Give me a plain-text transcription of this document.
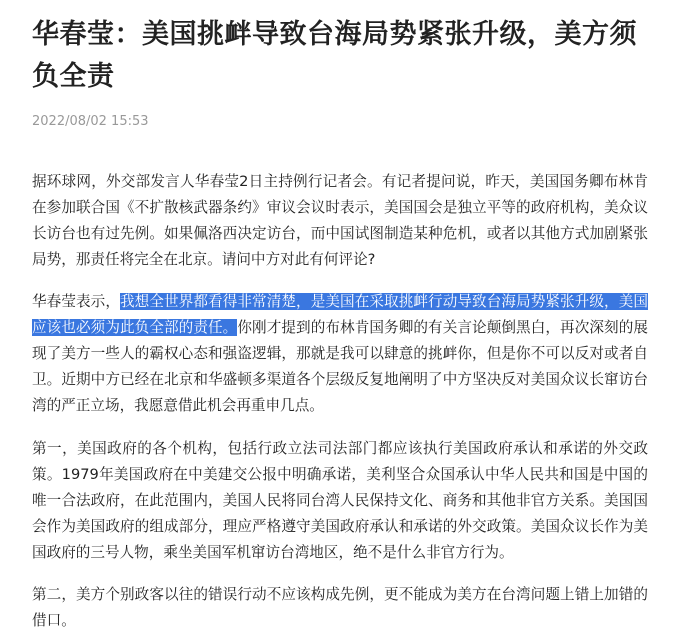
华春莹：美国挑衅导致台海局势紧张升级，美方须负全责
2022/08/02 15:53

据环球网，外交部发言人华春莹2日主持例行记者会。有记者提问说，昨天，美国国务卿布林肯在参加联合国《不扩散核武器条约》审议会议时表示，美国国会是独立平等的政府机构，美众议长访台也有过先例。如果佩洛西决定访台，而中国试图制造某种危机，或者以其他方式加剧紧张局势，那责任将完全在北京。请问中方对此有何评论?

华春莹表示，我想全世界都看得非常清楚，是美国在采取挑衅行动导致台海局势紧张升级，美国应该也必须为此负全部的责任。你刚才提到的布林肯国务卿的有关言论颠倒黑白，再次深刻的展现了美方一些人的霸权心态和强盗逻辑，那就是我可以肆意的挑衅你，但是你不可以反对或者自卫。近期中方已经在北京和华盛顿多渠道各个层级反复地阐明了中方坚决反对美国众议长窜访台湾的严正立场，我愿意借此机会再重申几点。

第一，美国政府的各个机构，包括行政立法司法部门都应该执行美国政府承认和承诺的外交政策。1979年美国政府在中美建交公报中明确承诺，美利坚合众国承认中华人民共和国是中国的唯一合法政府，在此范围内，美国人民将同台湾人民保持文化、商务和其他非官方关系。美国国会作为美国政府的组成部分，理应严格遵守美国政府承认和承诺的外交政策。美国众议长作为美国政府的三号人物，乘坐美国军机窜访台湾地区，绝不是什么非官方行为。

第二，美方个别政客以往的错误行动不应该构成先例，更不能成为美方在台湾问题上错上加错的借口。
